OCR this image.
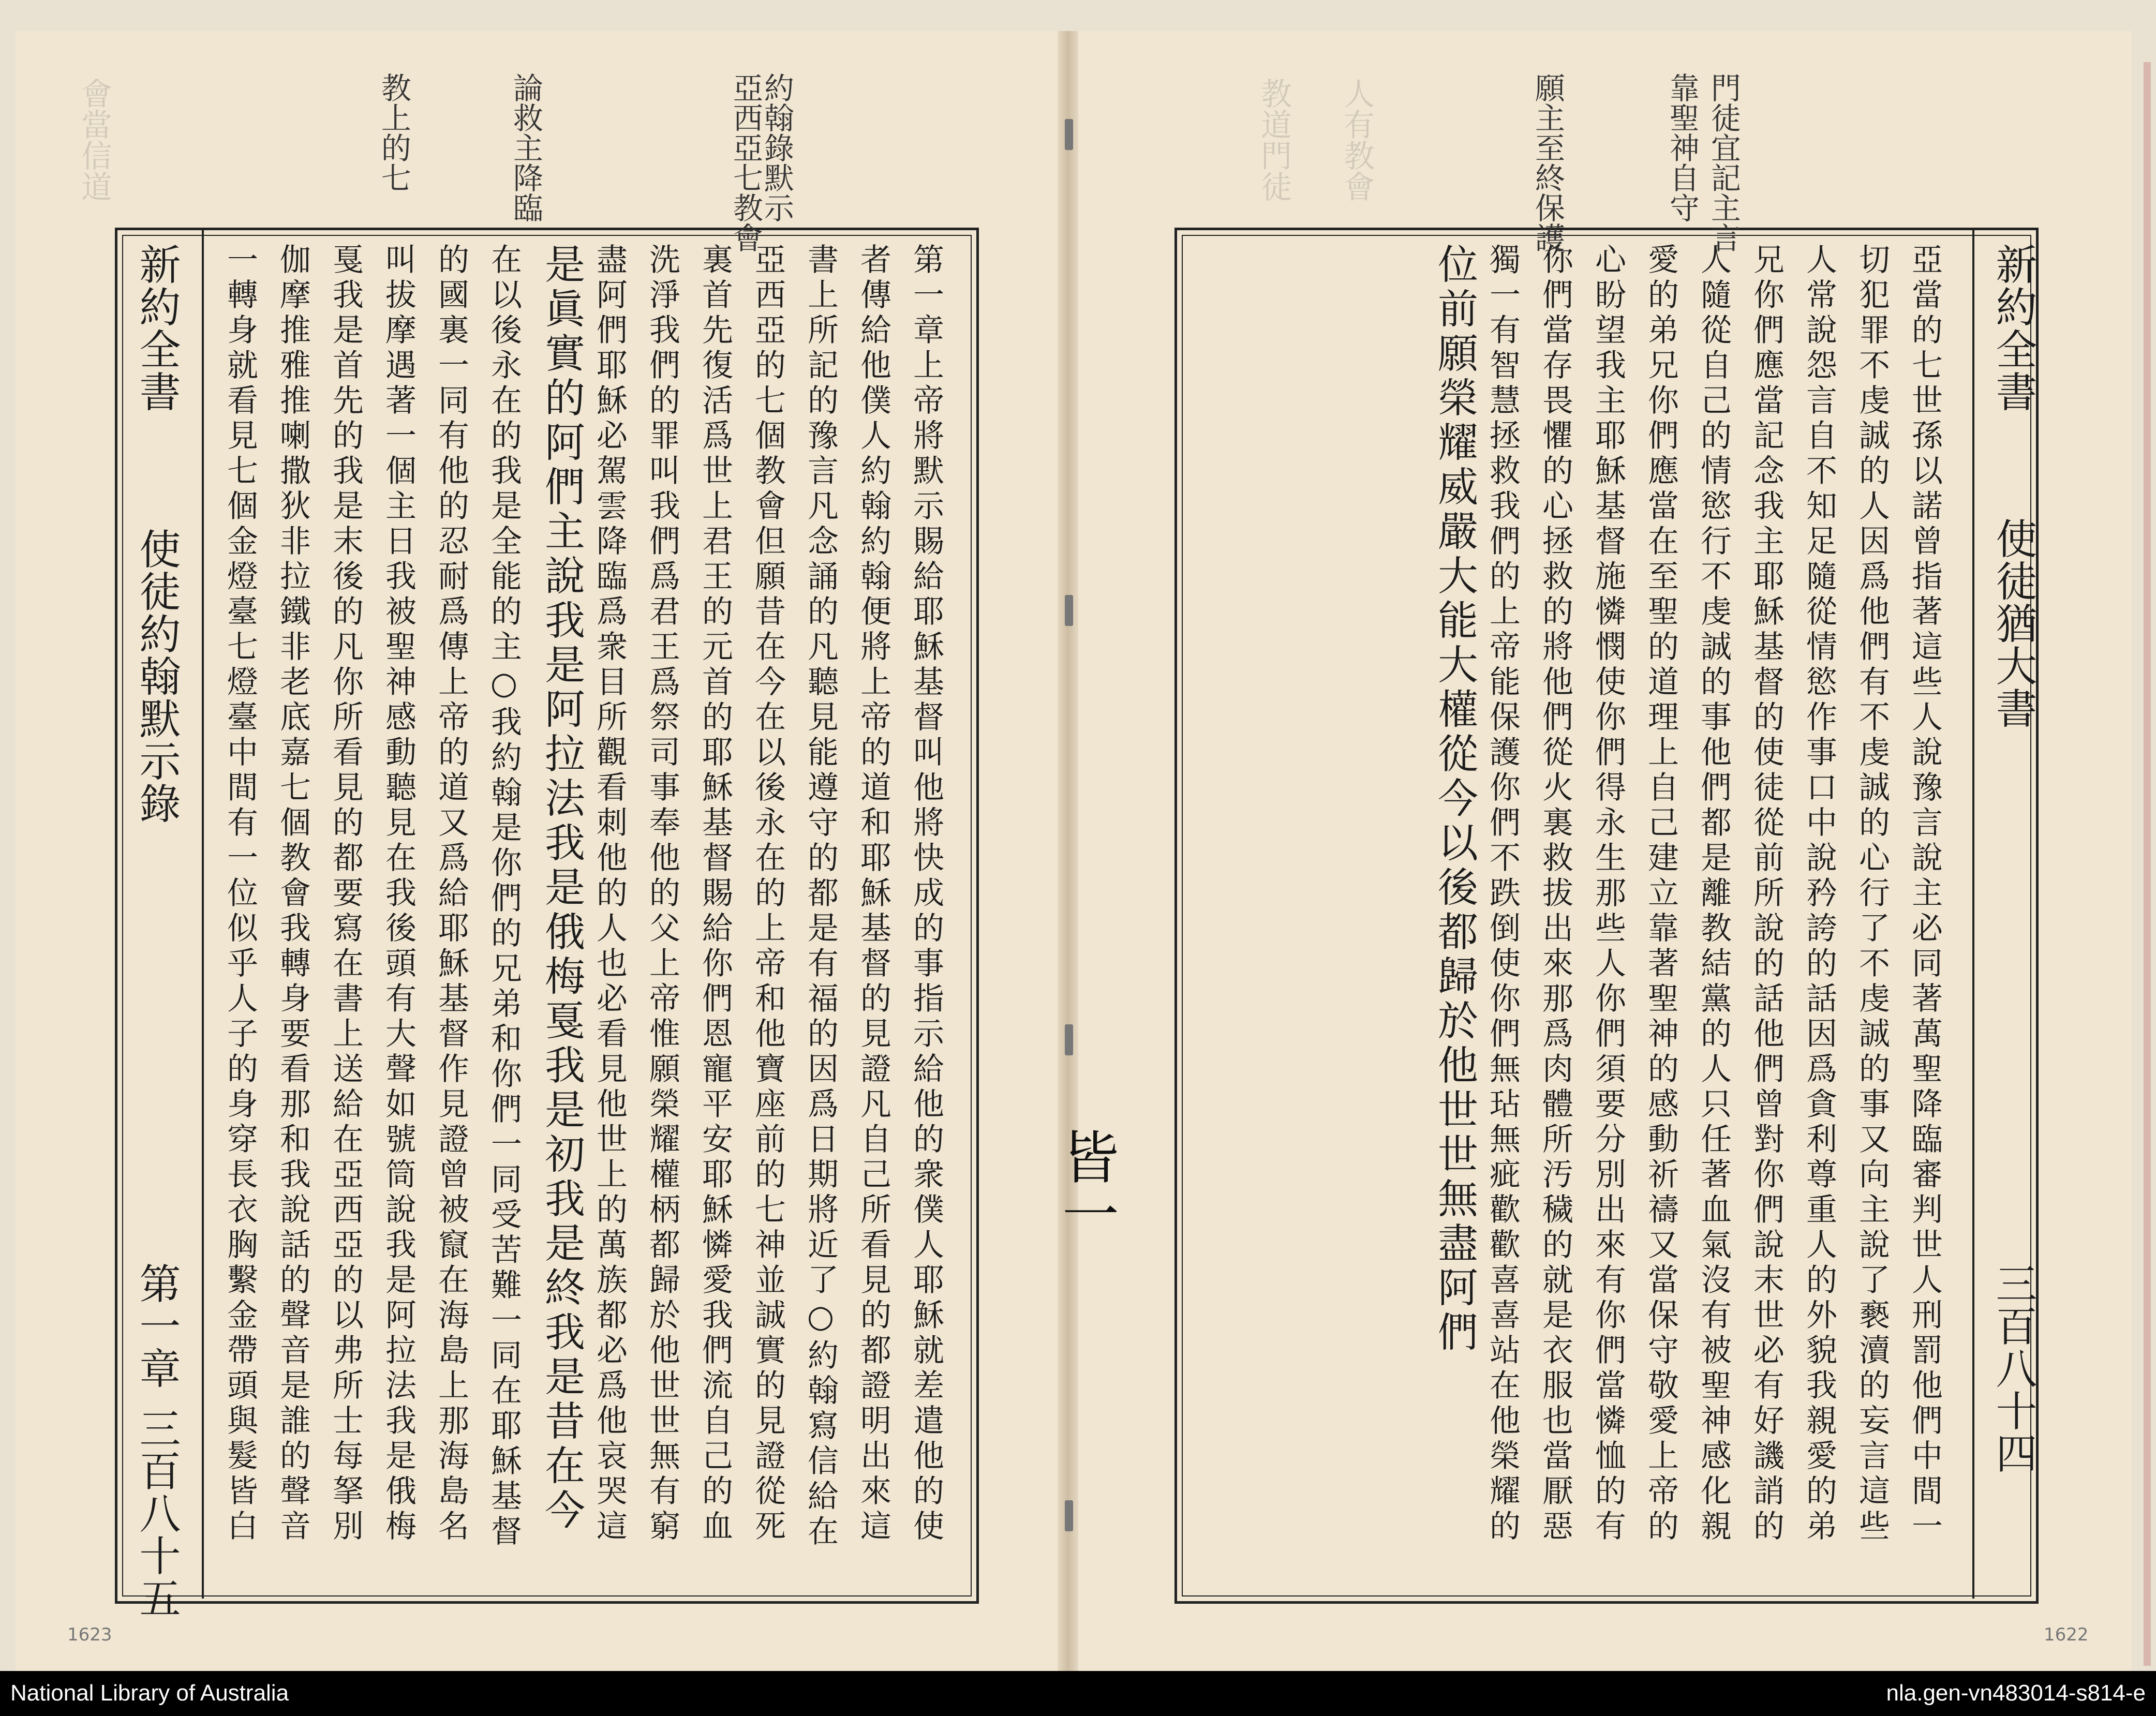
會當信道	人有教會
教道門徒
新約全書
使徒約翰默示錄
第一章
三百八十五	第一章上帝將默示賜給耶穌基督叫他將快成的事指示給他的衆僕人耶穌就差遣他的使
者傳給他僕人約翰約翰便將上帝的道和耶穌基督的見證凡自己所看見的都證明出來這
書上所記的豫言凡念誦的凡聽見能遵守的都是有福的因爲日期將近了○約翰寫信給在
亞西亞的七個教會但願昔在今在以後永在的上帝和他寶座前的七神並誠實的見證從死
裏首先復活爲世上君王的元首的耶穌基督賜給你們恩寵平安耶穌憐愛我們流自己的血
洗淨我們的罪叫我們爲君王爲祭司事奉他的父上帝惟願榮耀權柄都歸於他世世無有窮
盡阿們耶穌必駕雲降臨爲衆目所觀看刺他的人也必看見他世上的萬族都必爲他哀哭這
是眞實的阿們主說我是阿拉法我是俄梅戛我是初我是終我是昔在今
在以後永在的我是全能的主○我約翰是你們的兄弟和你們一同受苦難一同在耶穌基督
的國裏一同有他的忍耐爲傳上帝的道又爲給耶穌基督作見證曾被竄在海島上那海島名
叫拔摩遇著一個主日我被聖神感動聽見在我後頭有大聲如號筒說我是阿拉法我是俄梅
戛我是首先的我是末後的凡你所看見的都要寫在書上送給在亞西亞的以弗所士每拏別
伽摩推雅推喇撒狄非拉鐵非老底嘉七個教會我轉身要看那和我說話的聲音是誰的聲音
一轉身就看見七個金燈臺七燈臺中間有一位似乎人子的身穿長衣胸繫金帶頭與髮皆白
約翰錄默示
亞西亞七教會
論救主降臨
教上的七
1623
新約全書
使徒猶大書
三百八十四
亞當的七世孫以諾曾指著這些人說豫言說主必同著萬聖降臨審判世人刑罰他們中間一
切犯罪不虔誠的人因爲他們有不虔誠的心行了不虔誠的事又向主說了褻瀆的妄言這些
人常說怨言自不知足隨從情慾作事口中說矜誇的話因爲貪利尊重人的外貌我親愛的弟
兄你們應當記念我主耶穌基督的使徒從前所說的話他們曾對你們說末世必有好譏誚的
人隨從自己的情慾行不虔誠的事他們都是離教結黨的人只任著血氣沒有被聖神感化親
愛的弟兄你們應當在至聖的道理上自己建立靠著聖神的感動祈禱又當保守敬愛上帝的
心盼望我主耶穌基督施憐憫使你們得永生那些人你們須要分別出來有你們當憐恤的有
你們當存畏懼的心拯救的將他們從火裏救拔出來那爲肉體所汚穢的就是衣服也當厭惡
獨一有智慧拯救我們的上帝能保護你們不跌倒使你們無玷無疵歡歡喜喜站在他榮耀的
位前願榮耀威嚴大能大權從今以後都歸於他世世無盡阿們
門徒宜記主言
靠聖神自守
願主至終保護
1622
皆一
National Library of Australia	nla.gen-vn483014-s814-e
